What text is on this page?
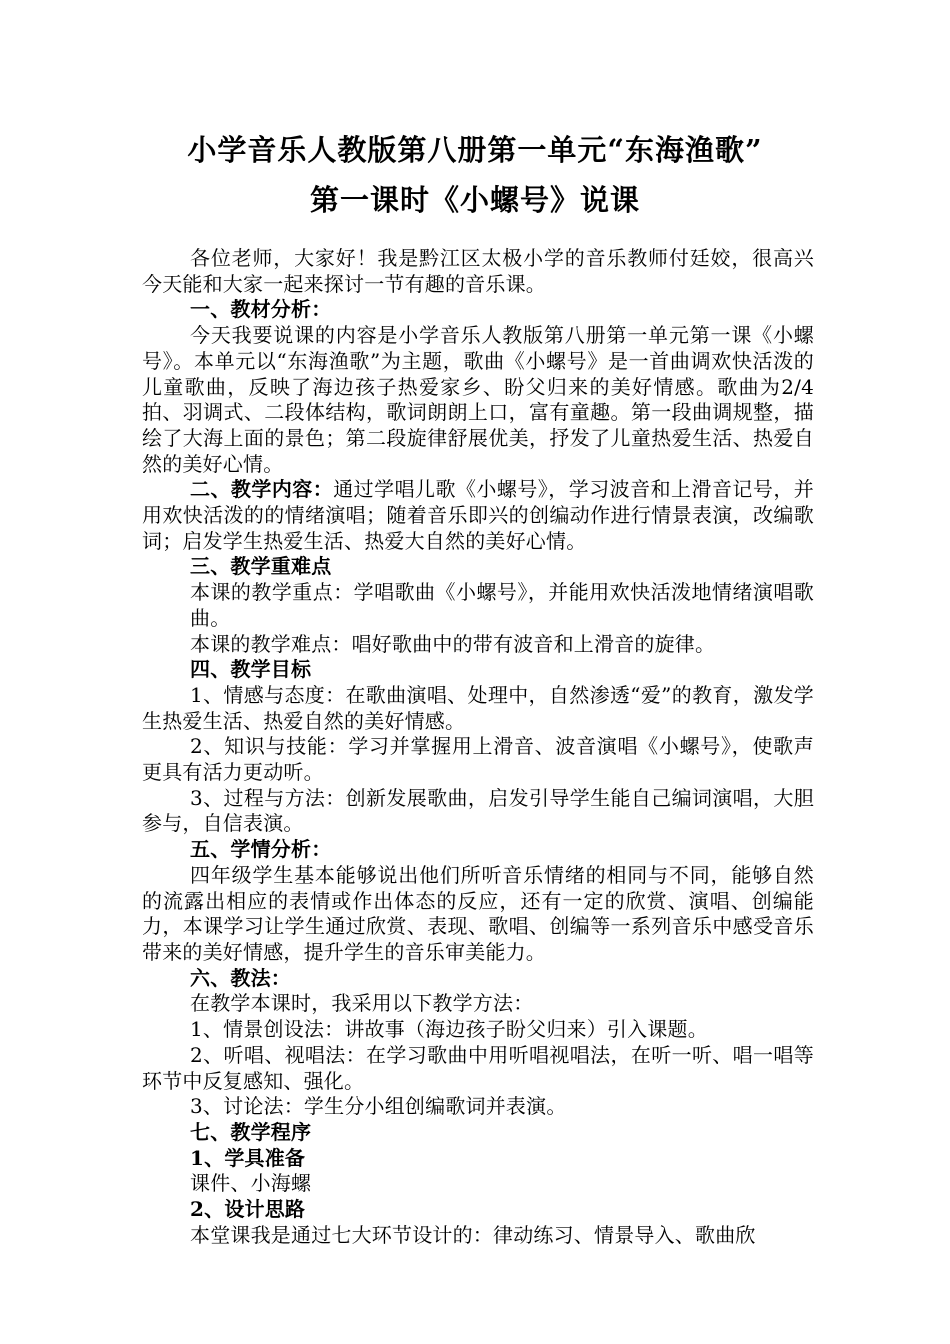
小学音乐人教版第八册第一单元“东海渔歌”
第一课时《小螺号》说课

各位老师，大家好！我是黔江区太极小学的音乐教师付廷姣，很高兴今天能和大家一起来探讨一节有趣的音乐课。

一、教材分析：

今天我要说课的内容是小学音乐人教版第八册第一单元第一课《小螺号》。本单元以“东海渔歌”为主题，歌曲《小螺号》是一首曲调欢快活泼的儿童歌曲，反映了海边孩子热爱家乡、盼父归来的美好情感。歌曲为2/4拍、羽调式、二段体结构，歌词朗朗上口，富有童趣。第一段曲调规整，描绘了大海上面的景色；第二段旋律舒展优美，抒发了儿童热爱生活、热爱自然的美好心情。

二、教学内容：通过学唱儿歌《小螺号》，学习波音和上滑音记号，并用欢快活泼的的情绪演唱；随着音乐即兴的创编动作进行情景表演，改编歌词；启发学生热爱生活、热爱大自然的美好心情。

三、教学重难点

本课的教学重点：学唱歌曲《小螺号》，并能用欢快活泼地情绪演唱歌曲。

本课的教学难点：唱好歌曲中的带有波音和上滑音的旋律。

四、教学目标

1、情感与态度：在歌曲演唱、处理中，自然渗透“爱”的教育，激发学生热爱生活、热爱自然的美好情感。

2、知识与技能：学习并掌握用上滑音、波音演唱《小螺号》，使歌声更具有活力更动听。

3、过程与方法：创新发展歌曲，启发引导学生能自己编词演唱，大胆参与，自信表演。

五、学情分析：

四年级学生基本能够说出他们所听音乐情绪的相同与不同，能够自然的流露出相应的表情或作出体态的反应，还有一定的欣赏、演唱、创编能力，本课学习让学生通过欣赏、表现、歌唱、创编等一系列音乐中感受音乐带来的美好情感，提升学生的音乐审美能力。

六、教法：

在教学本课时，我采用以下教学方法：

1、情景创设法：讲故事（海边孩子盼父归来）引入课题。

2、听唱、视唱法：在学习歌曲中用听唱视唱法，在听一听、唱一唱等环节中反复感知、强化。

3、讨论法：学生分小组创编歌词并表演。

七、教学程序

1、学具准备

课件、小海螺

2、设计思路

本堂课我是通过七大环节设计的：律动练习、情景导入、歌曲欣
